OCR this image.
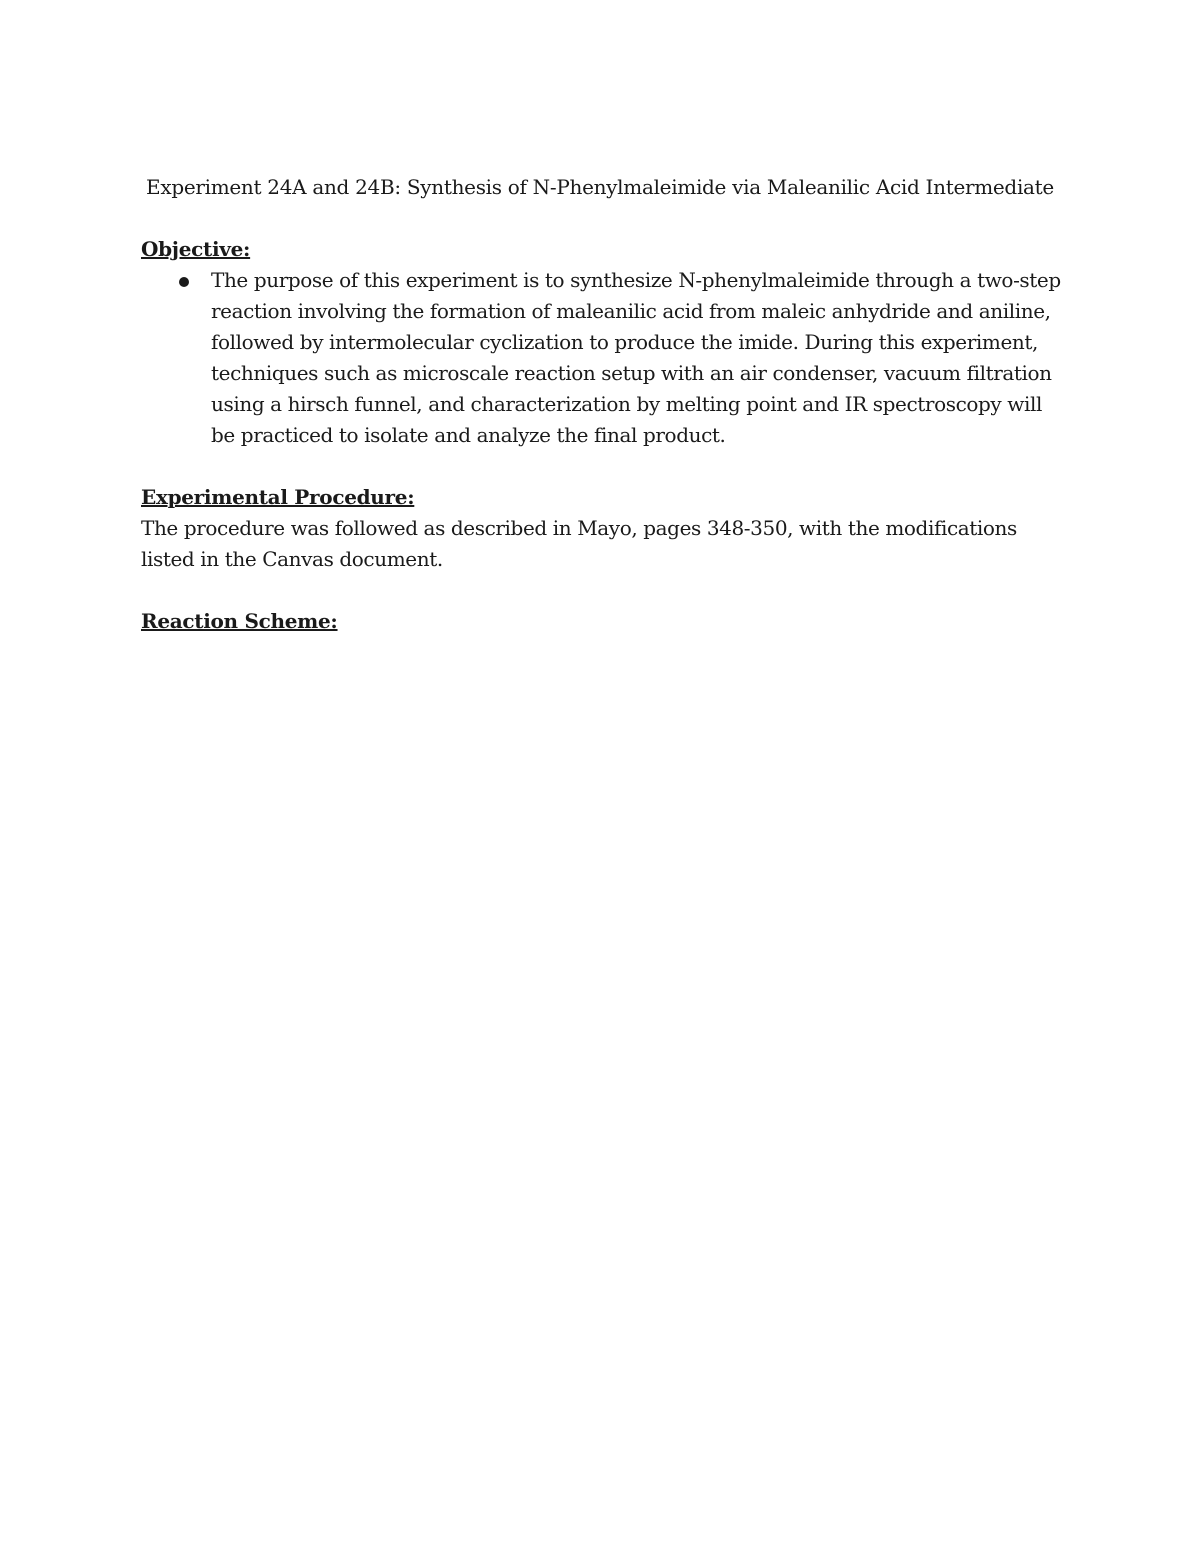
Experiment 24A and 24B: Synthesis of N-Phenylmaleimide via Maleanilic Acid Intermediate
Objective:
The purpose of this experiment is to synthesize N-phenylmaleimide through a two-step reaction involving the formation of maleanilic acid from maleic anhydride and aniline, followed by intermolecular cyclization to produce the imide. During this experiment, techniques such as microscale reaction setup with an air condenser, vacuum filtration using a hirsch funnel, and characterization by melting point and IR spectroscopy will be practiced to isolate and analyze the final product.
Experimental Procedure:

The procedure was followed as described in Mayo, pages 348-350, with the modifications listed in the Canvas document.

Reaction Scheme:
